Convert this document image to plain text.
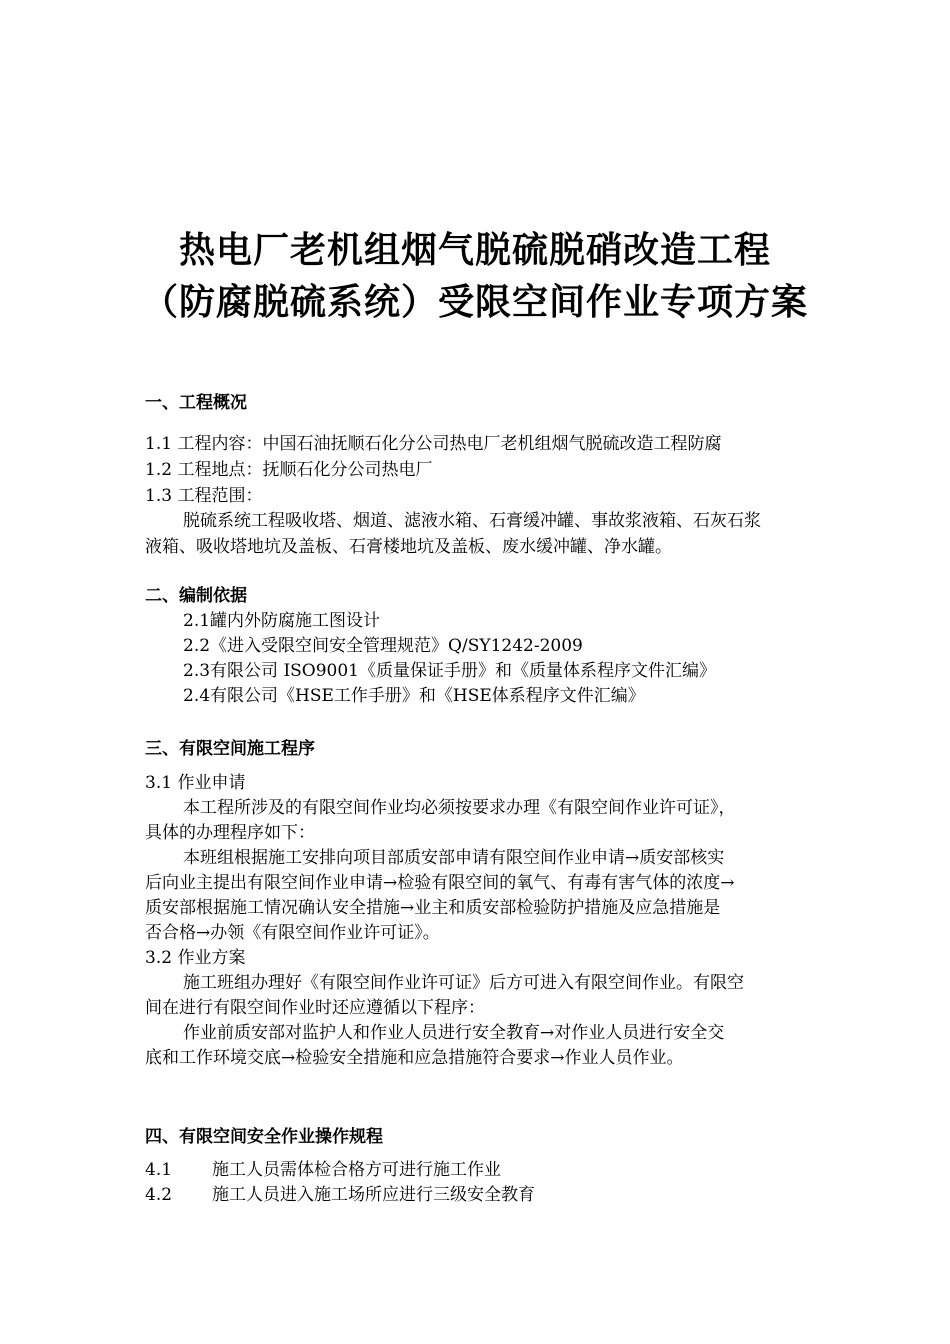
热电厂老机组烟气脱硫脱硝改造工程
（防腐脱硫系统）受限空间作业专项方案
一、工程概况
1.1 工程内容：中国石油抚顺石化分公司热电厂老机组烟气脱硫改造工程防腐
1.2 工程地点：抚顺石化分公司热电厂
1.3 工程范围：
脱硫系统工程吸收塔、烟道、滤液水箱、石膏缓冲罐、事故浆液箱、石灰石浆
液箱、吸收塔地坑及盖板、石膏楼地坑及盖板、废水缓冲罐、净水罐。
二、编制依据
2.1罐内外防腐施工图设计
2.2《进入受限空间安全管理规范》Q/SY1242-2009
2.3有限公司 ISO9001《质量保证手册》和《质量体系程序文件汇编》
2.4有限公司《HSE工作手册》和《HSE体系程序文件汇编》
三、有限空间施工程序
3.1 作业申请
本工程所涉及的有限空间作业均必须按要求办理《有限空间作业许可证》，
具体的办理程序如下：
本班组根据施工安排向项目部质安部申请有限空间作业申请→质安部核实
后向业主提出有限空间作业申请→检验有限空间的氧气、有毒有害气体的浓度→
质安部根据施工情况确认安全措施→业主和质安部检验防护措施及应急措施是
否合格→办领《有限空间作业许可证》。
3.2 作业方案
施工班组办理好《有限空间作业许可证》后方可进入有限空间作业。有限空
间在进行有限空间作业时还应遵循以下程序：
作业前质安部对监护人和作业人员进行安全教育→对作业人员进行安全交
底和工作环境交底→检验安全措施和应急措施符合要求→作业人员作业。
四、有限空间安全作业操作规程
4.1	施工人员需体检合格方可进行施工作业
4.2	施工人员进入施工场所应进行三级安全教育
